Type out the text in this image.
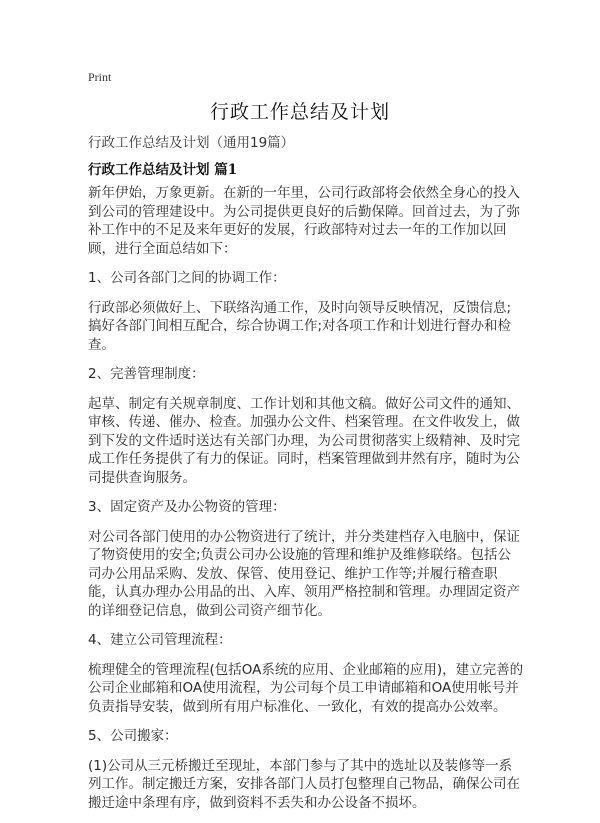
Print
行政工作总结及计划
行政工作总结及计划（通用19篇）
行政工作总结及计划 篇1

新年伊始，万象更新。在新的一年里，公司行政部将会依然全身心的投入到公司的管理建设中。为公司提供更良好的后勤保障。回首过去，为了弥补工作中的不足及来年更好的发展，行政部特对过去一年的工作加以回顾，进行全面总结如下：

1、公司各部门之间的协调工作：

行政部必须做好上、下联络沟通工作，及时向领导反映情况，反馈信息;搞好各部门间相互配合，综合协调工作;对各项工作和计划进行督办和检查。

2、完善管理制度：

起草、制定有关规章制度、工作计划和其他文稿。做好公司文件的通知、审核、传递、催办、检查。加强办公文件、档案管理。在文件收发上，做到下发的文件适时送达有关部门办理，为公司贯彻落实上级精神、及时完成工作任务提供了有力的保证。同时，档案管理做到井然有序，随时为公司提供查询服务。

3、固定资产及办公物资的管理：

对公司各部门使用的办公物资进行了统计，并分类建档存入电脑中，保证了物资使用的安全;负责公司办公设施的管理和维护及维修联络。包括公司办公用品采购、发放、保管、使用登记、维护工作等;并履行稽查职能，认真办理办公用品的出、入库、领用严格控制和管理。办理固定资产的详细登记信息，做到公司资产细节化。

4、建立公司管理流程：

梳理健全的管理流程(包括OA系统的应用、企业邮箱的应用)，建立完善的公司企业邮箱和OA使用流程，为公司每个员工申请邮箱和OA使用帐号并负责指导安装，做到所有用户标准化、一致化，有效的提高办公效率。

5、公司搬家：

(1)公司从三元桥搬迁至现址，本部门参与了其中的选址以及装修等一系列工作。制定搬迁方案，安排各部门人员打包整理自己物品，确保公司在搬迁途中条理有序，做到资料不丢失和办公设备不损坏。
